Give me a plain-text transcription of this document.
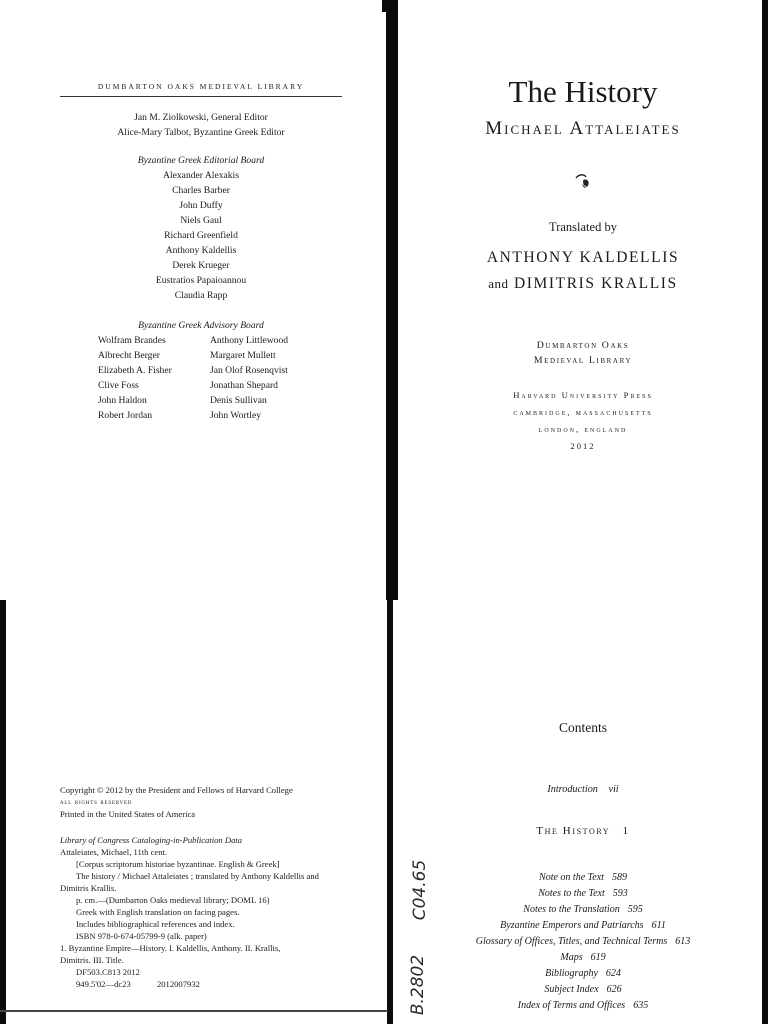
DUMBARTON OAKS MEDIEVAL LIBRARY
Jan M. Ziolkowski, General Editor
Alice-Mary Talbot, Byzantine Greek Editor
Byzantine Greek Editorial Board
Alexander Alexakis
Charles Barber
John Duffy
Niels Gaul
Richard Greenfield
Anthony Kaldellis
Derek Krueger
Eustratios Papaioannou
Claudia Rapp
Byzantine Greek Advisory Board
Wolfram Brandes
Albrecht Berger
Elizabeth A. Fisher
Clive Foss
John Haldon
Robert Jordan
Anthony Littlewood
Margaret Mullett
Jan Olof Rosenqvist
Jonathan Shepard
Denis Sullivan
John Wortley
The History
Michael Attaleiates
Translated by
ANTHONY KALDELLIS
and DIMITRIS KRALLIS
Dumbarton Oaks
Medieval Library
Harvard University Press
cambridge, massachusetts
london, england
2012
Copyright © 2012 by the President and Fellows of Harvard College
all rights reserved
Printed in the United States of America
Library of Congress Cataloging-in-Publication Data
Attaleiates, Michael, 11th cent.
[Corpus scriptorum historiae byzantinae. English & Greek]
The history / Michael Attaleiates ; translated by Anthony Kaldellis and
Dimitris Krallis.
p. cm.—(Dumbarton Oaks medieval library; DOML 16)
Greek with English translation on facing pages.
Includes bibliographical references and index.
ISBN 978-0-674-05799-9 (alk. paper)
1. Byzantine Empire—History. I. Kaldellis, Anthony. II. Krallis,
Dimitris. III. Title.
DF503.C813 2012
949.5'02—dc23	2012007932
Contents
Introduction vii
The History 1
Note on the Text 589
Notes to the Text 593
Notes to the Translation 595
Byzantine Emperors and Patriarchs 611
Glossary of Offices, Titles, and Technical Terms 613
Maps 619
Bibliography 624
Subject Index 626
Index of Terms and Offices 635
C04.65
B.2802
